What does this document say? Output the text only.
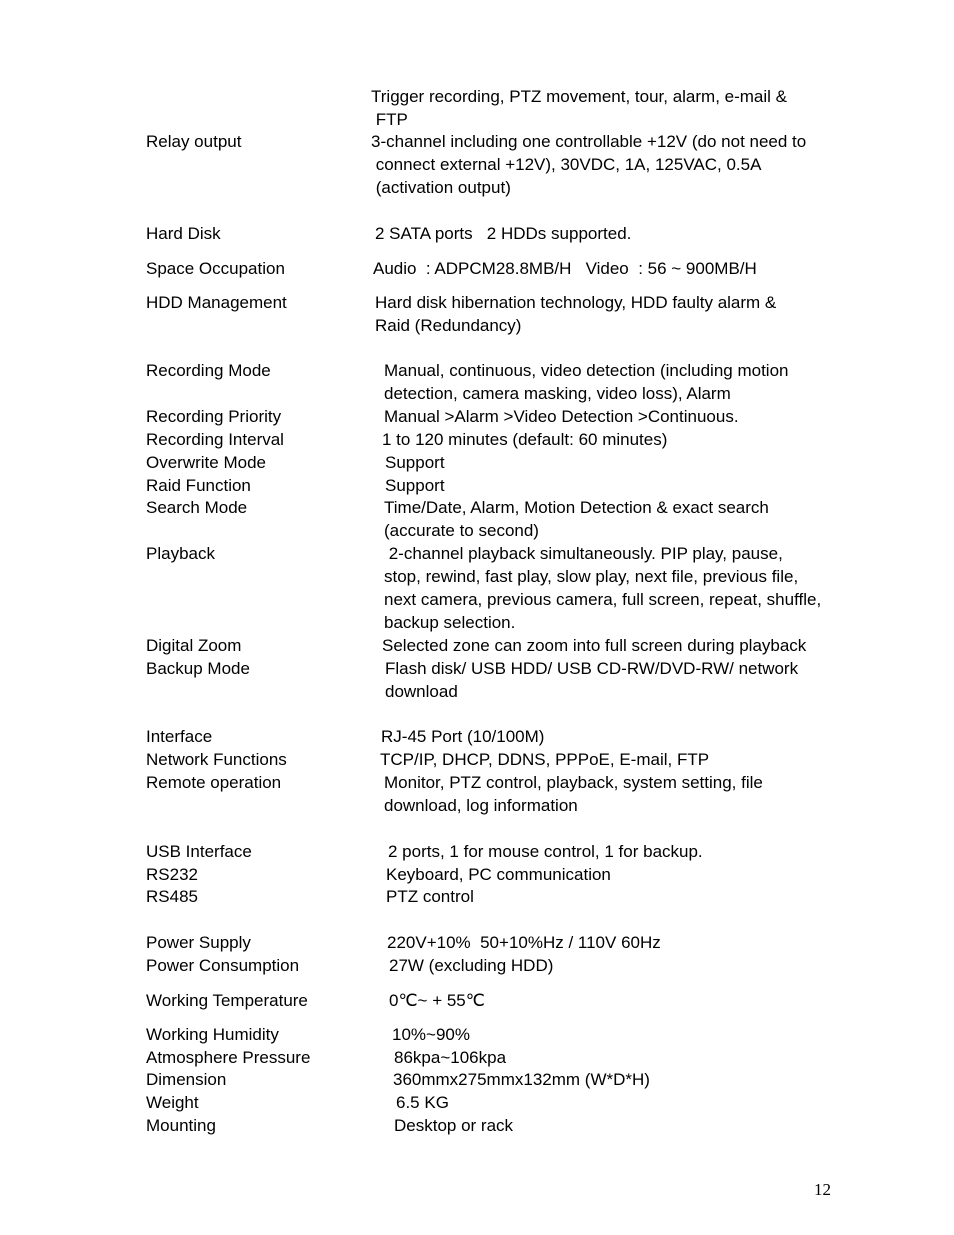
Trigger recording, PTZ movement, tour, alarm, e-mail &
FTP
Relay output	3-channel including one controllable +12V (do not need to
connect external +12V), 30VDC, 1A, 125VAC, 0.5A
(activation output)
Hard Disk	2 SATA ports   2 HDDs supported.
Space Occupation	Audio  : ADPCM28.8MB/H   Video  : 56 ~ 900MB/H
HDD Management	Hard disk hibernation technology, HDD faulty alarm &
Raid (Redundancy)
Recording Mode	Manual, continuous, video detection (including motion
detection, camera masking, video loss), Alarm
Recording Priority	Manual >Alarm >Video Detection >Continuous.
Recording Interval	1 to 120 minutes (default: 60 minutes)
Overwrite Mode	Support
Raid Function	Support
Search Mode	Time/Date, Alarm, Motion Detection & exact search
(accurate to second)
Playback	2-channel playback simultaneously. PIP play, pause,
stop, rewind, fast play, slow play, next file, previous file,
next camera, previous camera, full screen, repeat, shuffle,
backup selection.
Digital Zoom	Selected zone can zoom into full screen during playback
Backup Mode	Flash disk/ USB HDD/ USB CD-RW/DVD-RW/ network
download
Interface	RJ-45 Port (10/100M)
Network Functions	TCP/IP, DHCP, DDNS, PPPoE, E-mail, FTP
Remote operation	Monitor, PTZ control, playback, system setting, file
download, log information
USB Interface	2 ports, 1 for mouse control, 1 for backup.
RS232	Keyboard, PC communication
RS485	PTZ control
Power Supply	220V+10%  50+10%Hz / 110V 60Hz
Power Consumption	27W (excluding HDD)
Working Temperature	0℃~ + 55℃
Working Humidity	10%~90%
Atmosphere Pressure	86kpa~106kpa
Dimension	360mmx275mmx132mm (W*D*H)
Weight	6.5 KG
Mounting	Desktop or rack
12
